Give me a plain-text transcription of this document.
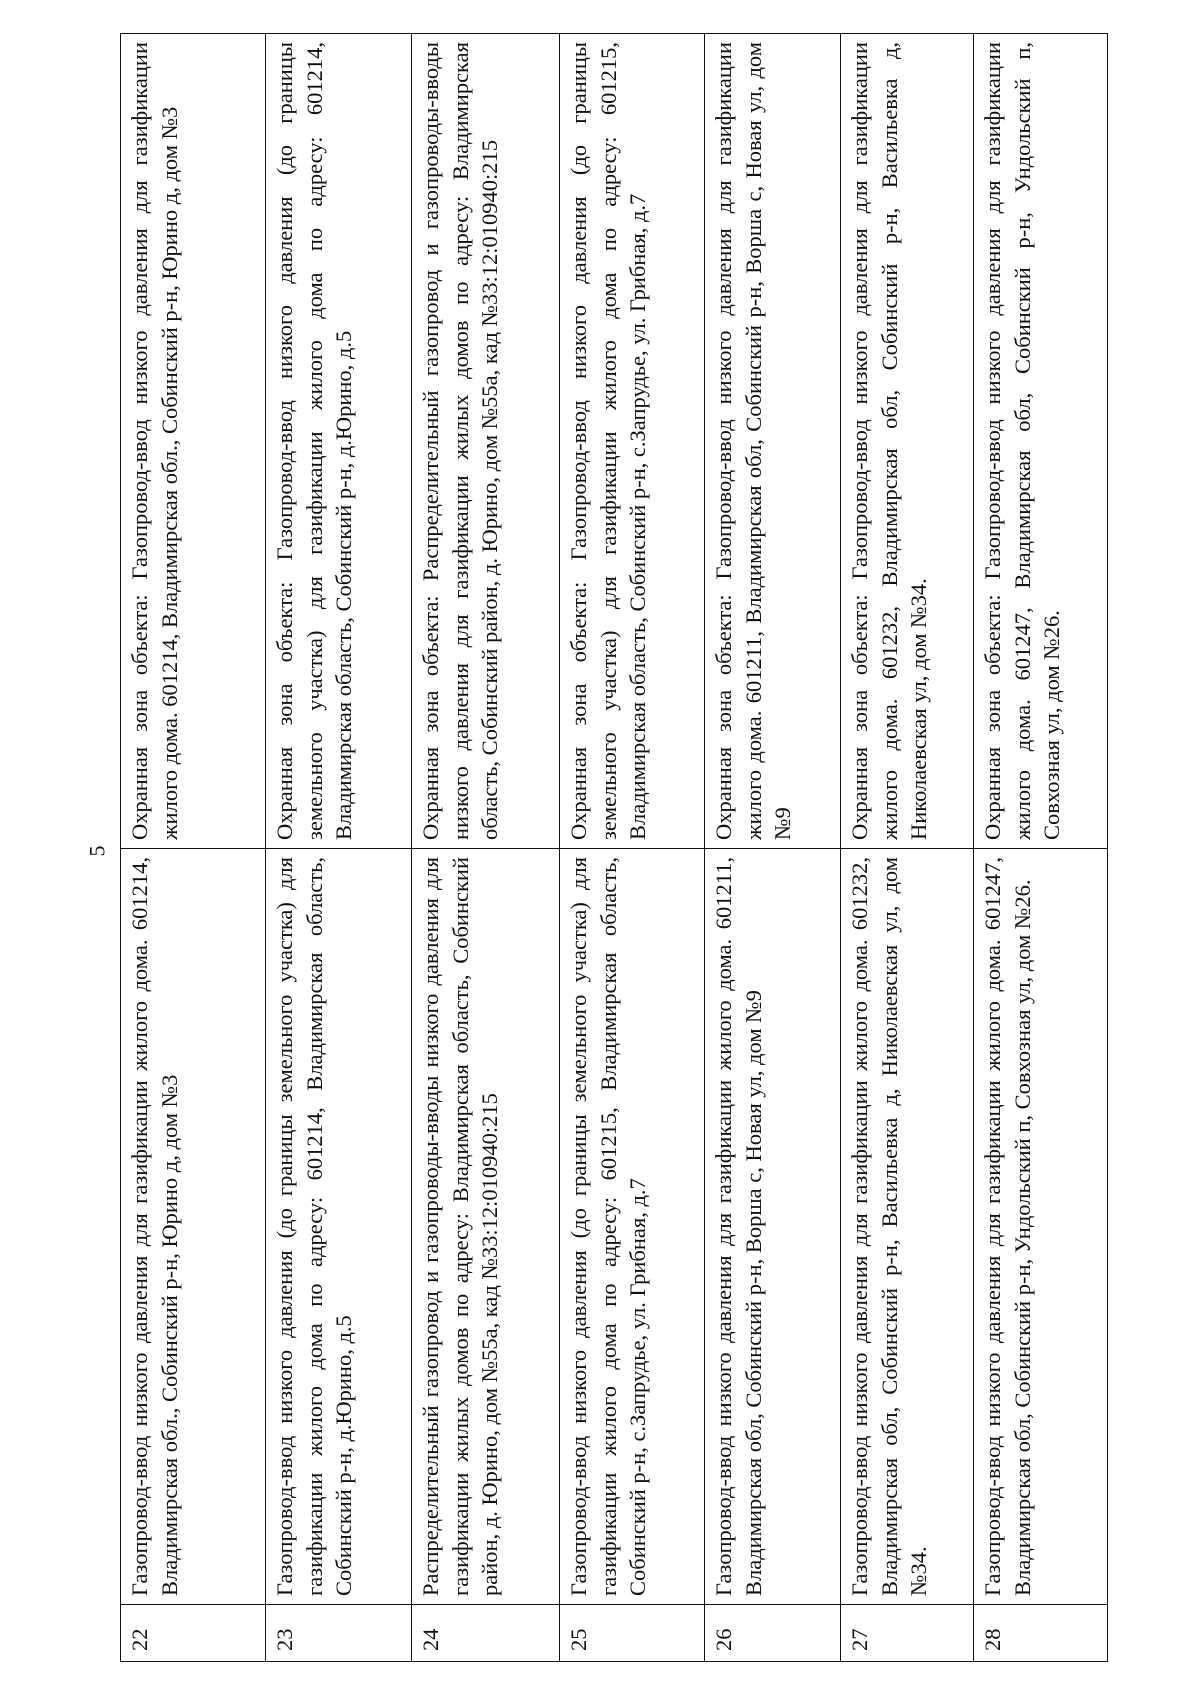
5
22	Газопровод-ввод низкого давления для газификации жилого дома. 601214, Владимирская обл., Собинский р-н, Юрино д, дом №3	Охранная зона объекта: Газопровод-ввод низкого давления для газификации жилого дома. 601214, Владимирская обл., Собинский р-н, Юрино д, дом №3
23	Газопровод-ввод низкого давления (до границы земельного участка) для газификации жилого дома по адресу: 601214, Владимирская область, Собинский р-н, д.Юрино, д.5	Охранная зона объекта: Газопровод-ввод низкого давления (до границы земельного участка) для газификации жилого дома по адресу: 601214, Владимирская область, Собинский р-н, д.Юрино, д.5
24	Распределительный газопровод и газопроводы-вводы низкого давления для газификации жилых домов по адресу: Владимирская область, Собинский район, д. Юрино, дом №55а, кад №33:12:010940:215	Охранная зона объекта: Распределительный газопровод и газопроводы-вводы низкого давления для газификации жилых домов по адресу: Владимирская область, Собинский район, д. Юрино, дом №55а, кад №33:12:010940:215
25	Газопровод-ввод низкого давления (до границы земельного участка) для газификации жилого дома по адресу: 601215, Владимирская область, Собинский р-н, с.Запрудье, ул. Грибная, д.7	Охранная зона объекта: Газопровод-ввод низкого давления (до границы земельного участка) для газификации жилого дома по адресу: 601215, Владимирская область, Собинский р-н, с.Запрудье, ул. Грибная, д.7
26	Газопровод-ввод низкого давления для газификации жилого дома. 601211, Владимирская обл, Собинский р-н, Ворша с, Новая ул, дом №9	Охранная зона объекта: Газопровод-ввод низкого давления для газификации жилого дома. 601211, Владимирская обл, Собинский р-н, Ворша с, Новая ул, дом №9
27	Газопровод-ввод низкого давления для газификации жилого дома. 601232, Владимирская обл, Собинский р-н, Васильевка д, Николаевская ул, дом №34.	Охранная зона объекта: Газопровод-ввод низкого давления для газификации жилого дома. 601232, Владимирская обл, Собинский р-н, Васильевка д, Николаевская ул, дом №34.
28	Газопровод-ввод низкого давления для газификации жилого дома. 601247, Владимирская обл, Собинский р-н, Ундольский п, Совхозная ул, дом №26.	Охранная зона объекта: Газопровод-ввод низкого давления для газификации жилого дома. 601247, Владимирская обл, Собинский р-н, Ундольский п, Совхозная ул, дом №26.
